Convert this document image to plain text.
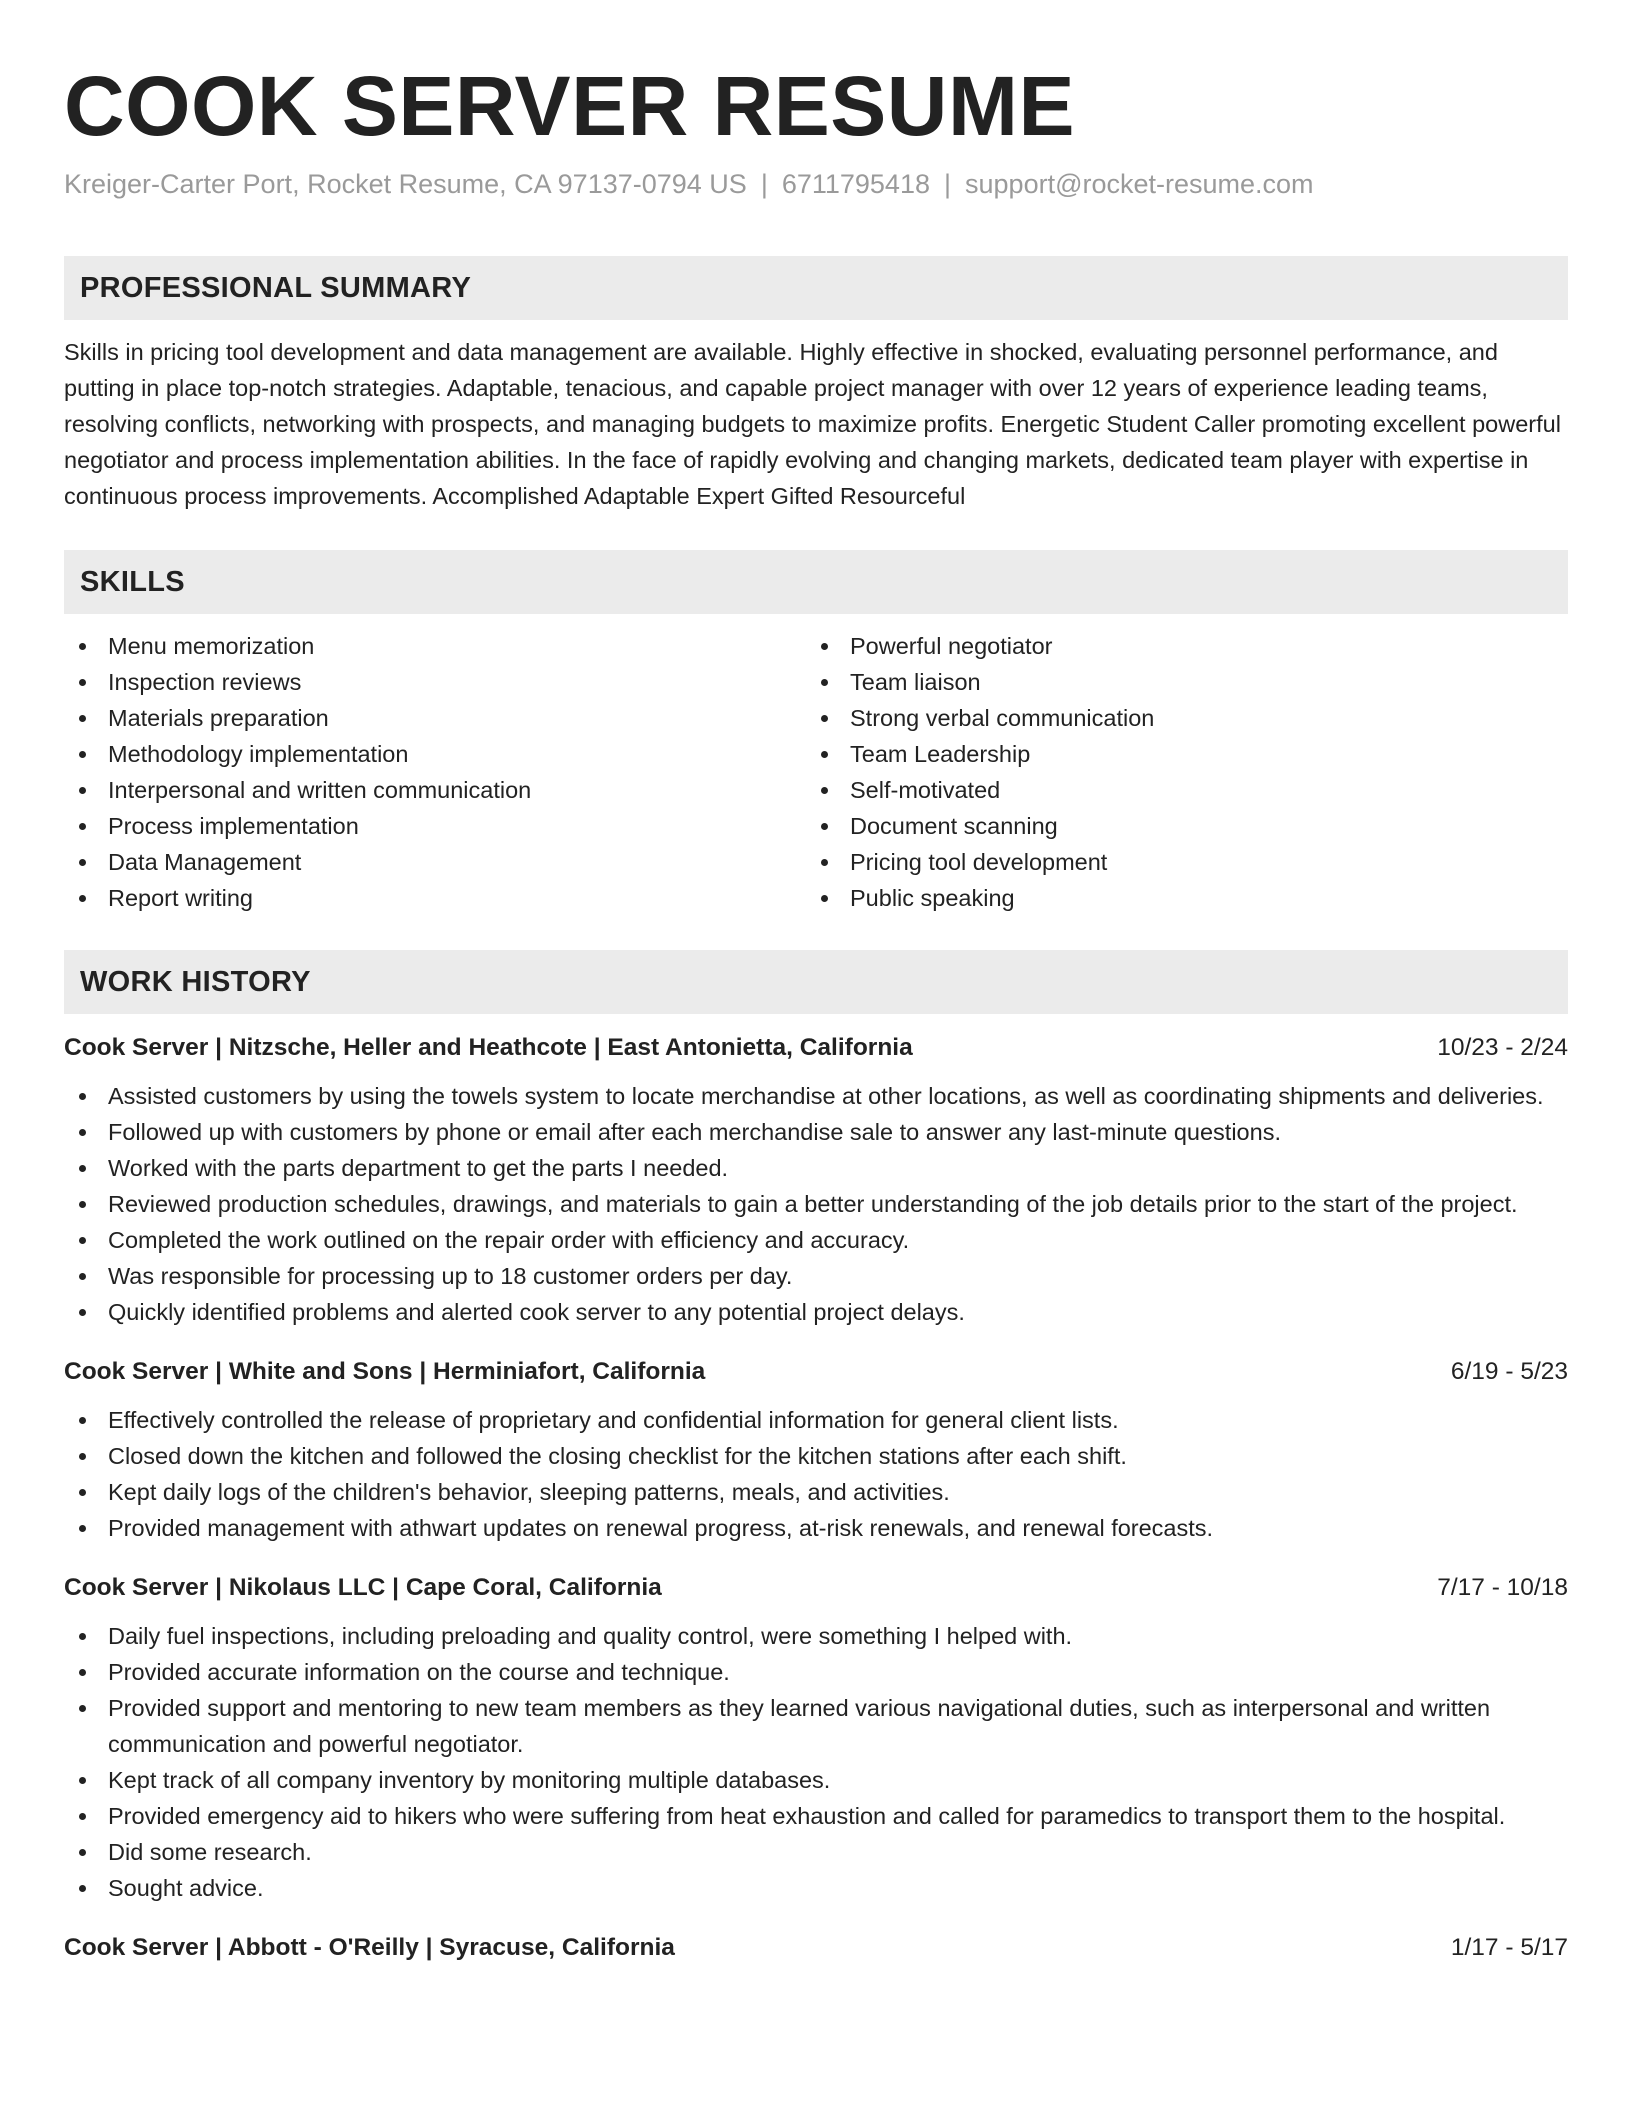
COOK SERVER RESUME
Kreiger-Carter Port, Rocket Resume, CA 97137-0794 US | 6711795418 | support@rocket-resume.com
PROFESSIONAL SUMMARY
Skills in pricing tool development and data management are available. Highly effective in shocked, evaluating personnel performance, and putting in place top-notch strategies. Adaptable, tenacious, and capable project manager with over 12 years of experience leading teams, resolving conflicts, networking with prospects, and managing budgets to maximize profits. Energetic Student Caller promoting excellent powerful negotiator and process implementation abilities. In the face of rapidly evolving and changing markets, dedicated team player with expertise in continuous process improvements. Accomplished Adaptable Expert Gifted Resourceful
SKILLS
Menu memorization
Inspection reviews
Materials preparation
Methodology implementation
Interpersonal and written communication
Process implementation
Data Management
Report writing
Powerful negotiator
Team liaison
Strong verbal communication
Team Leadership
Self-motivated
Document scanning
Pricing tool development
Public speaking
WORK HISTORY
Cook Server | Nitzsche, Heller and Heathcote | East Antonietta, California	10/23 - 2/24
Assisted customers by using the towels system to locate merchandise at other locations, as well as coordinating shipments and deliveries.
Followed up with customers by phone or email after each merchandise sale to answer any last-minute questions.
Worked with the parts department to get the parts I needed.
Reviewed production schedules, drawings, and materials to gain a better understanding of the job details prior to the start of the project.
Completed the work outlined on the repair order with efficiency and accuracy.
Was responsible for processing up to 18 customer orders per day.
Quickly identified problems and alerted cook server to any potential project delays.
Cook Server | White and Sons | Herminiafort, California	6/19 - 5/23
Effectively controlled the release of proprietary and confidential information for general client lists.
Closed down the kitchen and followed the closing checklist for the kitchen stations after each shift.
Kept daily logs of the children's behavior, sleeping patterns, meals, and activities.
Provided management with athwart updates on renewal progress, at-risk renewals, and renewal forecasts.
Cook Server | Nikolaus LLC | Cape Coral, California	7/17 - 10/18
Daily fuel inspections, including preloading and quality control, were something I helped with.
Provided accurate information on the course and technique.
Provided support and mentoring to new team members as they learned various navigational duties, such as interpersonal and written communication and powerful negotiator.
Kept track of all company inventory by monitoring multiple databases.
Provided emergency aid to hikers who were suffering from heat exhaustion and called for paramedics to transport them to the hospital.
Did some research.
Sought advice.
Cook Server | Abbott - O'Reilly | Syracuse, California	1/17 - 5/17
